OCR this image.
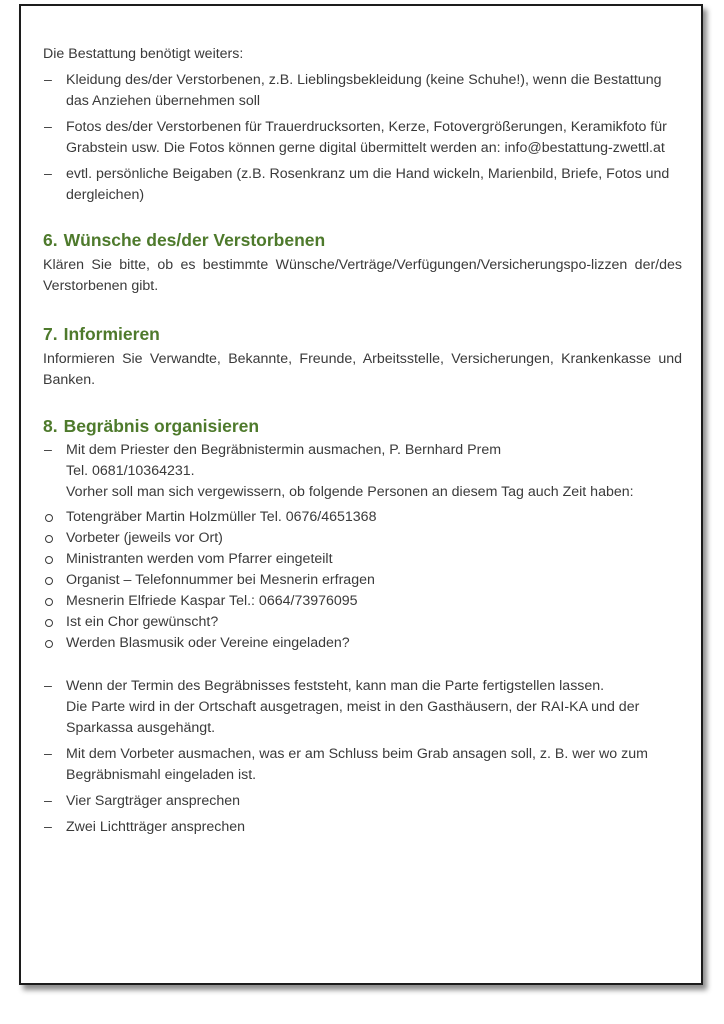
Die Bestattung benötigt weiters:

– Kleidung des/der Verstorbenen, z.B. Lieblingsbekleidung (keine Schuhe!), wenn die Bestattung das Anziehen übernehmen soll
– Fotos des/der Verstorbenen für Trauerdrucksorten, Kerze, Fotovergrößerungen, Keramikfoto für Grabstein usw. Die Fotos können gerne digital übermittelt werden an: info@bestattung-zwettl.at
– evtl. persönliche Beigaben (z.B. Rosenkranz um die Hand wickeln, Marienbild, Briefe, Fotos und dergleichen)
6. Wünsche des/der Verstorbenen

Klären Sie bitte, ob es bestimmte Wünsche/Verträge/Verfügungen/Versicherungspo-lizzen der/des Verstorbenen gibt.

7. Informieren

Informieren Sie Verwandte, Bekannte, Freunde, Arbeitsstelle, Versicherungen, Krankenkasse und Banken.

8. Begräbnis organisieren
– Mit dem Priester den Begräbnistermin ausmachen, P. Bernhard Prem
Tel. 0681/10364231.
Vorher soll man sich vergewissern, ob folgende Personen an diesem Tag auch Zeit haben:
Totengräber Martin Holzmüller Tel. 0676/4651368
Vorbeter (jeweils vor Ort)
Ministranten werden vom Pfarrer eingeteilt
Organist – Telefonnummer bei Mesnerin erfragen
Mesnerin Elfriede Kaspar Tel.: 0664/73976095
Ist ein Chor gewünscht?
Werden Blasmusik oder Vereine eingeladen?
– Wenn der Termin des Begräbnisses feststeht, kann man die Parte fertigstellen lassen.
Die Parte wird in der Ortschaft ausgetragen, meist in den Gasthäusern, der RAI-KA und der Sparkassa ausgehängt.
– Mit dem Vorbeter ausmachen, was er am Schluss beim Grab ansagen soll, z. B. wer wo zum Begräbnismahl eingeladen ist.
– Vier Sargträger ansprechen
– Zwei Lichtträger ansprechen
